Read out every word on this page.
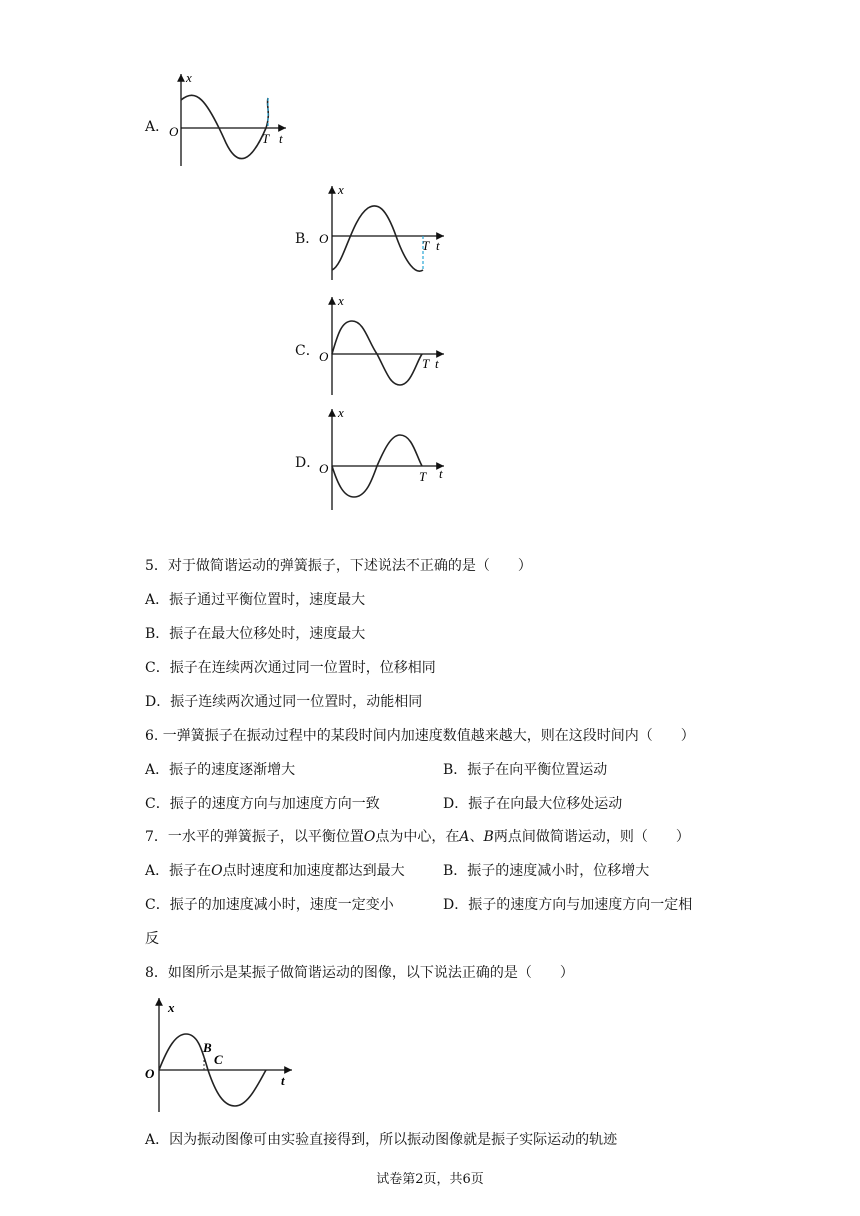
A．
x
O	T t
B．
x
O	T t
C．
x
O	T t
D．
x
O
T t
5．对于做简谐运动的弹簧振子，下述说法不正确的是（　　）
A．振子通过平衡位置时，速度最大
B．振子在最大位移处时，速度最大
C．振子在连续两次通过同一位置时，位移相同
D．振子连续两次通过同一位置时，动能相同
6. 一弹簧振子在振动过程中的某段时间内加速度数值越来越大，则在这段时间内（　　）
A．振子的速度逐渐增大	B．振子在向平衡位置运动
C．振子的速度方向与加速度方向一致	D．振子在向最大位移处运动
7．一水平的弹簧振子，以平衡位置O点为中心，在A、B两点间做简谐运动，则（　　）
A．振子在O点时速度和加速度都达到最大	B．振子的速度减小时，位移增大
C．振子的加速度减小时，速度一定变小	D．振子的速度方向与加速度方向一定相
反
8．如图所示是某振子做简谐运动的图像，以下说法正确的是（　　）
x
O
B
C
t
A．因为振动图像可由实验直接得到，所以振动图像就是振子实际运动的轨迹
试卷第2页，共6页
